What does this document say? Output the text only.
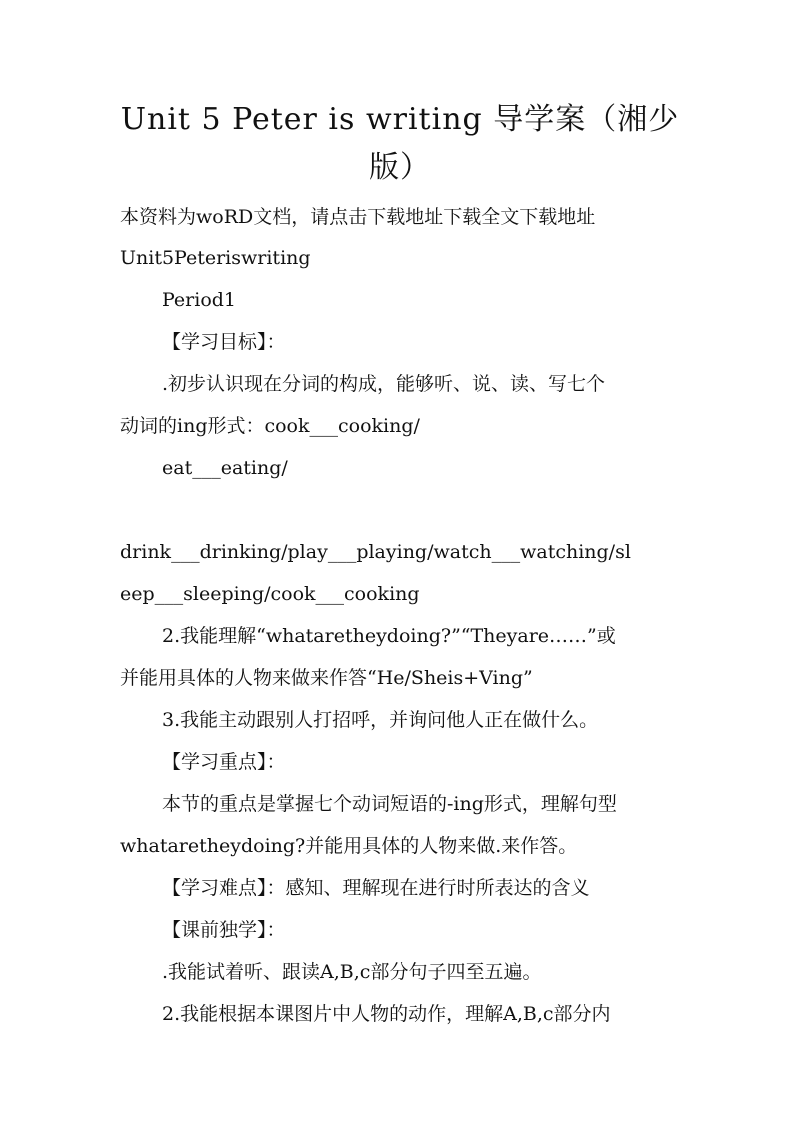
Unit 5 Peter is writing 导学案（湘少
版）
本资料为woRD文档，请点击下载地址下载全文下载地址
Unit5Peteriswriting
Period1
【学习目标】：
.初步认识现在分词的构成，能够听、说、读、写七个
动词的ing形式：cook___cooking/
eat___eating/
drink___drinking/play___playing/watch___watching/sl
eep___sleeping/cook___cooking
2.我能理解“whataretheydoing?”“Theyare……”或
并能用具体的人物来做来作答“He/Sheis+Ving”
3.我能主动跟别人打招呼，并询问他人正在做什么。
【学习重点】：
本节的重点是掌握七个动词短语的-ing形式，理解句型
whataretheydoing?并能用具体的人物来做.来作答。
【学习难点】：感知、理解现在进行时所表达的含义
【课前独学】：
.我能试着听、跟读A,B,c部分句子四至五遍。
2.我能根据本课图片中人物的动作，理解A,B,c部分内
